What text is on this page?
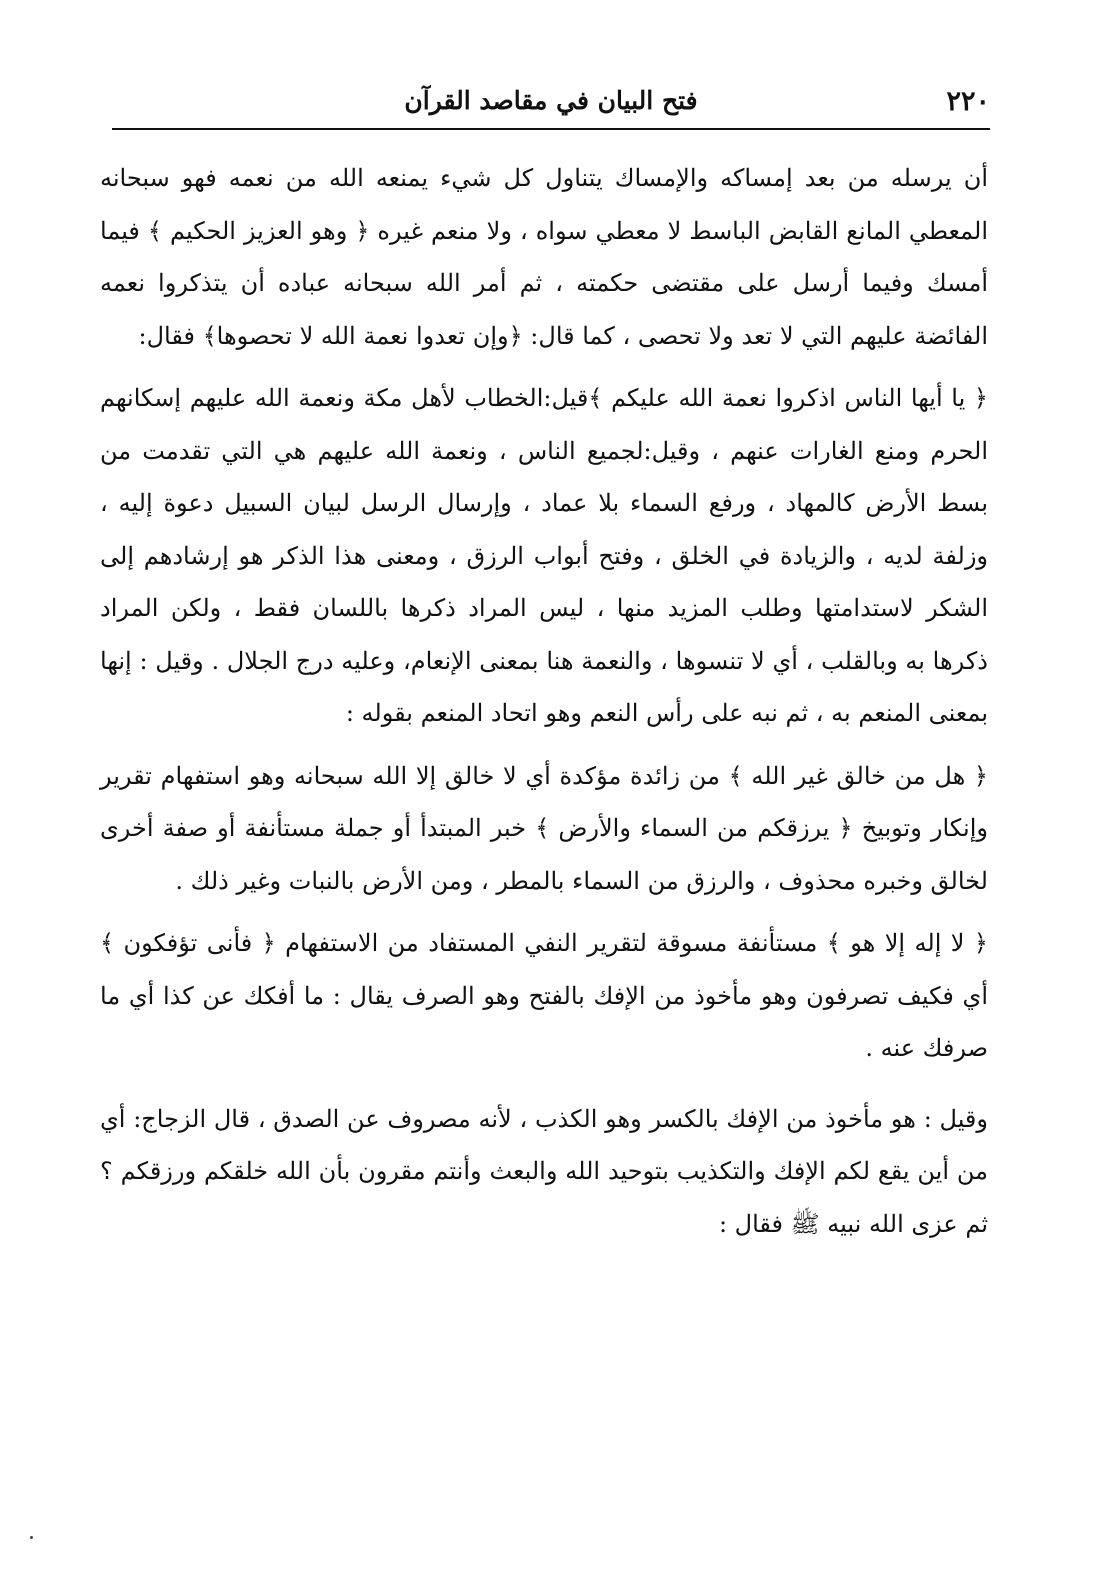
٢٢٠
فتح البيان في مقاصد القرآن

أن يرسله من بعد إمساكه والإمساك يتناول كل شيء يمنعه الله من نعمه فهو سبحانه المعطي المانع القابض الباسط لا معطي سواه ، ولا منعم غيره ﴿ وهو العزيز الحكيم ﴾ فيما أمسك وفيما أرسل على مقتضى حكمته ، ثم أمر الله سبحانه عباده أن يتذكروا نعمه الفائضة عليهم التي لا تعد ولا تحصى ، كما قال: ﴿وإن تعدوا نعمة الله لا تحصوها﴾ فقال:

﴿ يا أيها الناس اذكروا نعمة الله عليكم ﴾قيل:الخطاب لأهل مكة ونعمة الله عليهم إسكانهم الحرم ومنع الغارات عنهم ، وقيل:لجميع الناس ، ونعمة الله عليهم هي التي تقدمت من بسط الأرض كالمهاد ، ورفع السماء بلا عماد ، وإرسال الرسل لبيان السبيل دعوة إليه ، وزلفة لديه ، والزيادة في الخلق ، وفتح أبواب الرزق ، ومعنى هذا الذكر هو إرشادهم إلى الشكر لاستدامتها وطلب المزيد منها ، ليس المراد ذكرها باللسان فقط ، ولكن المراد ذكرها به وبالقلب ، أي لا تنسوها ، والنعمة هنا بمعنى الإنعام، وعليه درج الجلال . وقيل : إنها بمعنى المنعم به ، ثم نبه على رأس النعم وهو اتحاد المنعم بقوله :

﴿ هل من خالق غير الله ﴾ من زائدة مؤكدة أي لا خالق إلا الله سبحانه وهو استفهام تقرير وإنكار وتوبيخ ﴿ يرزقكم من السماء والأرض ﴾ خبر المبتدأ أو جملة مستأنفة أو صفة أخرى لخالق وخبره محذوف ، والرزق من السماء بالمطر ، ومن الأرض بالنبات وغير ذلك .

﴿ لا إله إلا هو ﴾ مستأنفة مسوقة لتقرير النفي المستفاد من الاستفهام ﴿ فأنى تؤفكون ﴾ أي فكيف تصرفون وهو مأخوذ من الإفك بالفتح وهو الصرف يقال : ما أفكك عن كذا أي ما صرفك عنه .

وقيل : هو مأخوذ من الإفك بالكسر وهو الكذب ، لأنه مصروف عن الصدق ، قال الزجاج: أي من أين يقع لكم الإفك والتكذيب بتوحيد الله والبعث وأنتم مقرون بأن الله خلقكم ورزقكم ؟ ثم عزى الله نبيه ﷺ فقال :
